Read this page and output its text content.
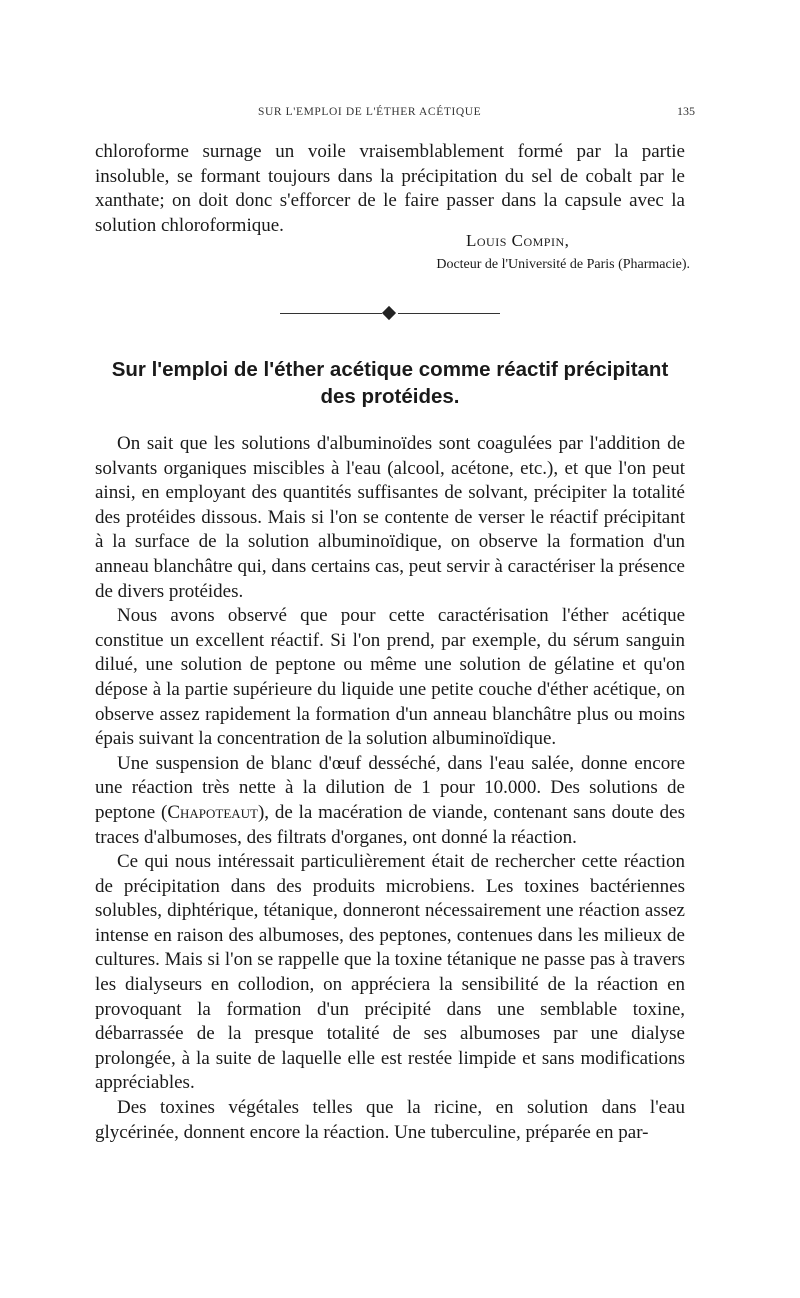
SUR L'EMPLOI DE L'ÉTHER ACÉTIQUE	135

chloroforme surnage un voile vraisemblablement formé par la partie insoluble, se formant toujours dans la précipitation du sel de cobalt par le xanthate; on doit donc s'efforcer de le faire passer dans la capsule avec la solution chloroformique.

Louis Compin,
Docteur de l'Université de Paris (Pharmacie).
Sur l'emploi de l'éther acétique comme réactif précipitant
des protéides.

On sait que les solutions d'albuminoïdes sont coagulées par l'addition de solvants organiques miscibles à l'eau (alcool, acétone, etc.), et que l'on peut ainsi, en employant des quantités suffisantes de solvant, précipiter la totalité des protéides dissous. Mais si l'on se contente de verser le réactif précipitant à la surface de la solution albuminoïdique, on observe la formation d'un anneau blanchâtre qui, dans certains cas, peut servir à caractériser la présence de divers protéides.

Nous avons observé que pour cette caractérisation l'éther acétique constitue un excellent réactif. Si l'on prend, par exemple, du sérum sanguin dilué, une solution de peptone ou même une solution de gélatine et qu'on dépose à la partie supérieure du liquide une petite couche d'éther acétique, on observe assez rapidement la formation d'un anneau blanchâtre plus ou moins épais suivant la concentration de la solution albuminoïdique.

Une suspension de blanc d'œuf desséché, dans l'eau salée, donne encore une réaction très nette à la dilution de 1 pour 10.000. Des solutions de peptone (Chapoteaut), de la macération de viande, contenant sans doute des traces d'albumoses, des filtrats d'organes, ont donné la réaction.

Ce qui nous intéressait particulièrement était de rechercher cette réaction de précipitation dans des produits microbiens. Les toxines bactériennes solubles, diphtérique, tétanique, donneront nécessairement une réaction assez intense en raison des albumoses, des peptones, contenues dans les milieux de cultures. Mais si l'on se rappelle que la toxine tétanique ne passe pas à travers les dialyseurs en collodion, on appréciera la sensibilité de la réaction en provoquant la formation d'un précipité dans une semblable toxine, débarrassée de la presque totalité de ses albumoses par une dialyse prolongée, à la suite de laquelle elle est restée limpide et sans modifications appréciables.

Des toxines végétales telles que la ricine, en solution dans l'eau glycérinée, donnent encore la réaction. Une tuberculine, préparée en par-
